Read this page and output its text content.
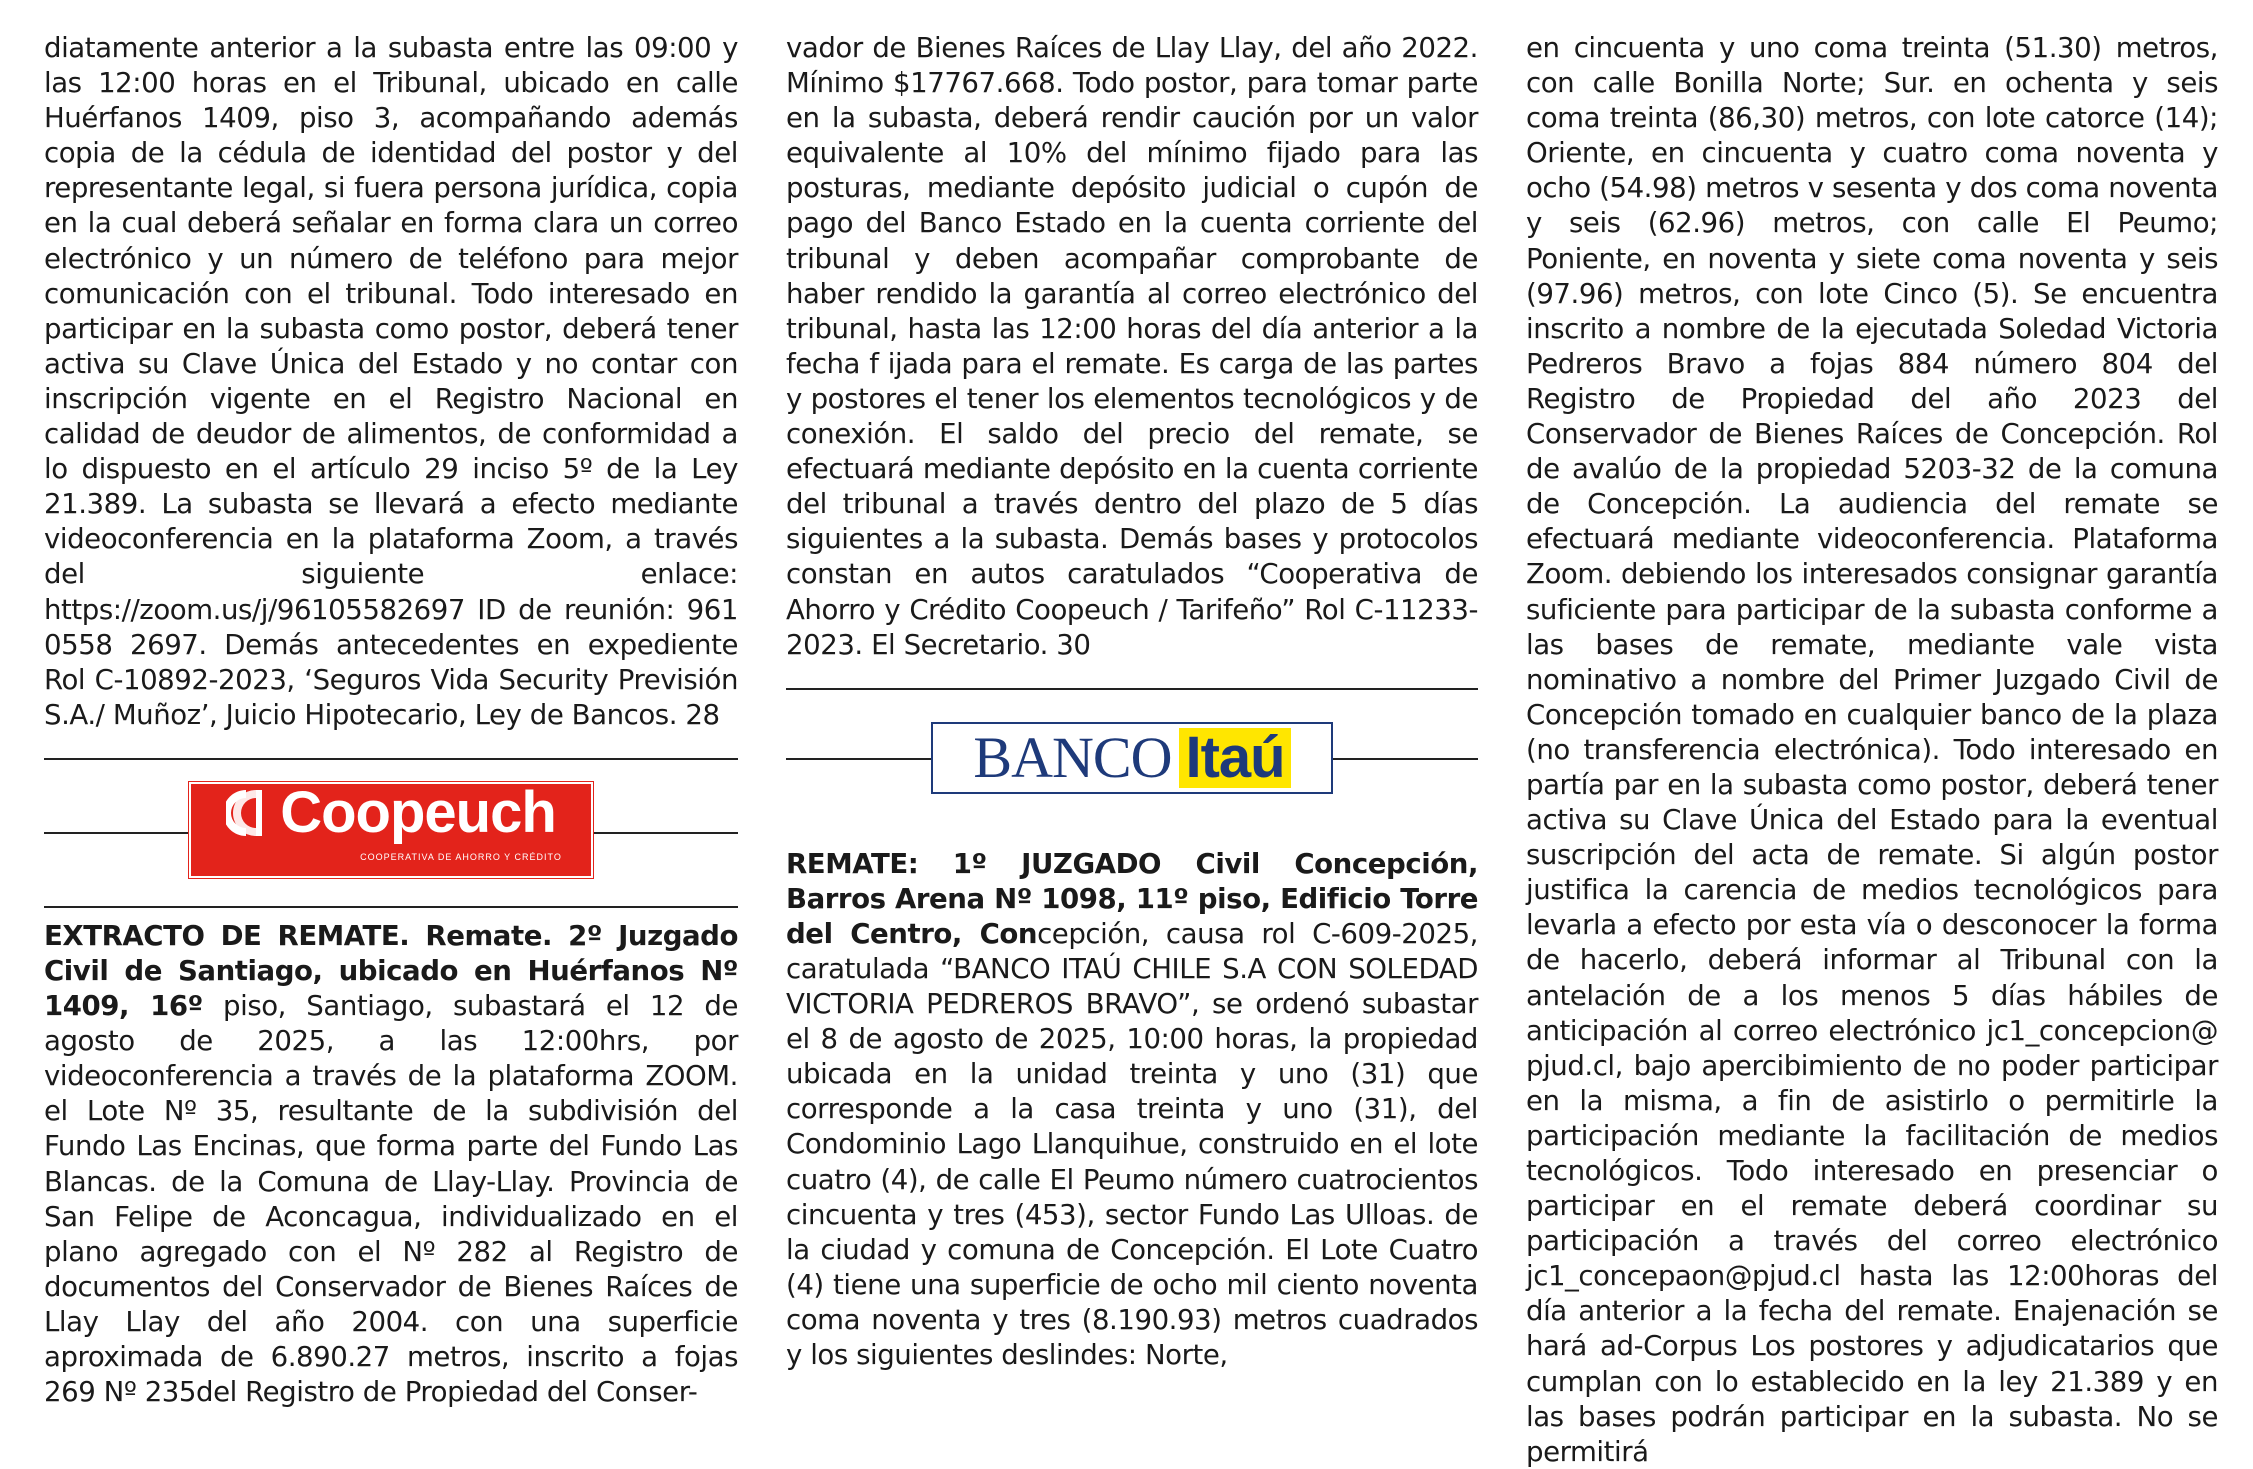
diatamente anterior a la subasta entre las 09:00 y las 12:00 horas en el Tribunal, ubicado en calle Huérfanos 1409, piso 3, acompañando además copia de la cédula de identidad del postor y del representante legal, si fuera persona jurídica, copia en la cual deberá señalar en forma clara un correo electrónico y un número de teléfono para mejor comunicación con el tribunal. Todo interesado en participar en la subasta como postor, deberá tener activa su Clave Única del Estado y no contar con inscripción vigente en el Registro Nacional en calidad de deudor de alimentos, de conformidad a lo dispuesto en el artículo 29 inciso 5º de la Ley 21.389. La subasta se llevará a efecto mediante videoconferencia en la plataforma Zoom, a través del siguiente enlace: https://zoom.us/j/96105582697 ID de reunión: 961 0558 2697. Demás antecedentes en expediente Rol C-10892-2023, ‘Seguros Vida Security Previsión S.A./ Muñoz’, Juicio Hipotecario, Ley de Bancos. 28

Coopeuch
COOPERATIVA DE AHORRO Y CRÉDITO

EXTRACTO DE REMATE. Remate. 2º Juzgado Civil de Santiago, ubicado en Huérfanos Nº 1409, 16º piso, Santiago, subastará el 12 de agosto de 2025, a las 12:00hrs, por videoconferencia a través de la plataforma ZOOM. el Lote Nº 35, resultante de la subdivisión del Fundo Las Encinas, que forma parte del Fundo Las Blancas. de la Comuna de Llay-Llay. Provincia de San Felipe de Aconcagua, individualizado en el plano agregado con el Nº 282 al Registro de documentos del Conservador de Bienes Raíces de Llay Llay del año 2004. con una superficie aproximada de 6.890.27 metros, inscrito a fojas 269 Nº 235del Registro de Propiedad del Conser-

vador de Bienes Raíces de Llay Llay, del año 2022. Mínimo $17767.668. Todo postor, para tomar parte en la subasta, deberá rendir caución por un valor equivalente al 10% del mínimo fijado para las posturas, mediante depósito judicial o cupón de pago del Banco Estado en la cuenta corriente del tribunal y deben acompañar comprobante de haber rendido la garantía al correo electrónico del tribunal, hasta las 12:00 horas del día anterior a la fecha f ijada para el remate. Es carga de las partes y postores el tener los elementos tecnológicos y de conexión. El saldo del precio del remate, se efectuará mediante depósito en la cuenta corriente del tribunal a través dentro del plazo de 5 días siguientes a la subasta. Demás bases y protocolos constan en autos caratulados “Cooperativa de Ahorro y Crédito Coopeuch / Tarifeño” Rol C-11233-2023. El Secretario. 30

BANCO Itaú

REMATE: 1º JUZGADO Civil Concepción, Barros Arena Nº 1098, 11º piso, Edificio Torre del Centro, Concepción, causa rol C-609-2025, caratulada “BANCO ITAÚ CHILE S.A CON SOLEDAD VICTORIA PEDREROS BRAVO”, se ordenó subastar el 8 de agosto de 2025, 10:00 horas, la propiedad ubicada en la unidad treinta y uno (31) que corresponde a la casa treinta y uno (31), del Condominio Lago Llanquihue, construido en el lote cuatro (4), de calle El Peumo número cuatrocientos cincuenta y tres (453), sector Fundo Las Ulloas. de la ciudad y comuna de Concepción. El Lote Cuatro (4) tiene una superficie de ocho mil ciento noventa coma noventa y tres (8.190.93) metros cuadrados y los siguientes deslindes: Norte,

en cincuenta y uno coma treinta (51.30) metros, con calle Bonilla Norte; Sur. en ochenta y seis coma treinta (86,30) metros, con lote catorce (14); Oriente, en cincuenta y cuatro coma noventa y ocho (54.98) metros v sesenta y dos coma noventa y seis (62.96) metros, con calle El Peumo; Poniente, en noventa y siete coma noventa y seis (97.96) metros, con lote Cinco (5). Se encuentra inscrito a nombre de la ejecutada Soledad Victoria Pedreros Bravo a fojas 884 número 804 del Registro de Propiedad del año 2023 del Conservador de Bienes Raíces de Concepción. Rol de avalúo de la propiedad 5203-32 de la comuna de Concepción. La audiencia del remate se efectuará mediante videoconferencia. Plataforma Zoom. debiendo los interesados consignar garantía suficiente para participar de la subasta conforme a las bases de remate, mediante vale vista nominativo a nombre del Primer Juzgado Civil de Concepción tomado en cualquier banco de la plaza (no transferencia electrónica). Todo interesado en partía par en la subasta como postor, deberá tener activa su Clave Única del Estado para la eventual suscripción del acta de remate. Si algún postor justifica la carencia de medios tecnológicos para levarla a efecto por esta vía o desconocer la forma de hacerlo, deberá informar al Tribunal con la antelación de a los menos 5 días hábiles de anticipación al correo electrónico jc1_concepcion@ pjud.cl, bajo apercibimiento de no poder participar en la misma, a fin de asistirlo o permitirle la participación mediante la facilitación de medios tecnológicos. Todo interesado en presenciar o participar en el remate deberá coordinar su participación a través del correo electrónico jc1_concepaon@pjud.cl hasta las 12:00horas del día anterior a la fecha del remate. Enajenación se hará ad-Corpus Los postores y adjudicatarios que cumplan con lo establecido en la ley 21.389 y en las bases podrán participar en la subasta. No se permitirá
